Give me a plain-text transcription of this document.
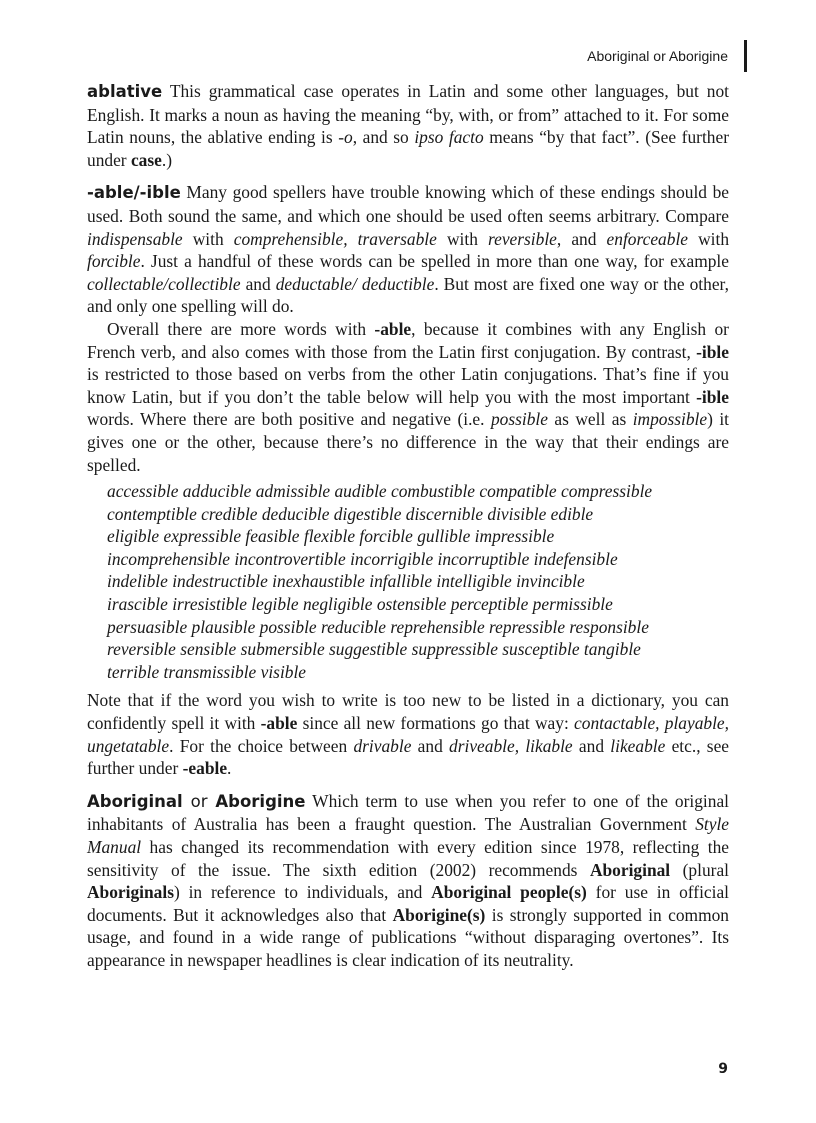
Aboriginal or Aborigine

ablative This grammatical case operates in Latin and some other languages, but not English. It marks a noun as having the meaning “by, with, or from” attached to it. For some Latin nouns, the ablative ending is -o, and so ipso facto means “by that fact”. (See further under case.)

-able/-ible Many good spellers have trouble knowing which of these endings should be used. Both sound the same, and which one should be used often seems arbitrary. Compare indispensable with comprehensible, traversable with reversible, and enforceable with forcible. Just a handful of these words can be spelled in more than one way, for example collectable/collectible and deductable/ deductible. But most are fixed one way or the other, and only one spelling will do.

Overall there are more words with -able, because it combines with any English or French verb, and also comes with those from the Latin first conjugation. By contrast, -ible is restricted to those based on verbs from the other Latin conjugations. That’s fine if you know Latin, but if you don’t the table below will help you with the most important -ible words. Where there are both positive and negative (i.e. possible as well as impossible) it gives one or the other, because there’s no difference in the way that their endings are spelled.

accessible adducible admissible audible combustible compatible compressible
contemptible credible deducible digestible discernible divisible edible
eligible expressible feasible flexible forcible gullible impressible
incomprehensible incontrovertible incorrigible incorruptible indefensible
indelible indestructible inexhaustible infallible intelligible invincible
irascible irresistible legible negligible ostensible perceptible permissible
persuasible plausible possible reducible reprehensible repressible responsible
reversible sensible submersible suggestible suppressible susceptible tangible
terrible transmissible visible

Note that if the word you wish to write is too new to be listed in a dictionary, you can confidently spell it with -able since all new formations go that way: contactable, playable, ungetatable. For the choice between drivable and driveable, likable and likeable etc., see further under -eable.

Aboriginal or Aborigine Which term to use when you refer to one of the original inhabitants of Australia has been a fraught question. The Australian Government Style Manual has changed its recommendation with every edition since 1978, reflecting the sensitivity of the issue. The sixth edition (2002) recommends Aboriginal (plural Aboriginals) in reference to individuals, and Aboriginal people(s) for use in official documents. But it acknowledges also that Aborigine(s) is strongly supported in common usage, and found in a wide range of publications “without disparaging overtones”. Its appearance in newspaper headlines is clear indication of its neutrality.

9
